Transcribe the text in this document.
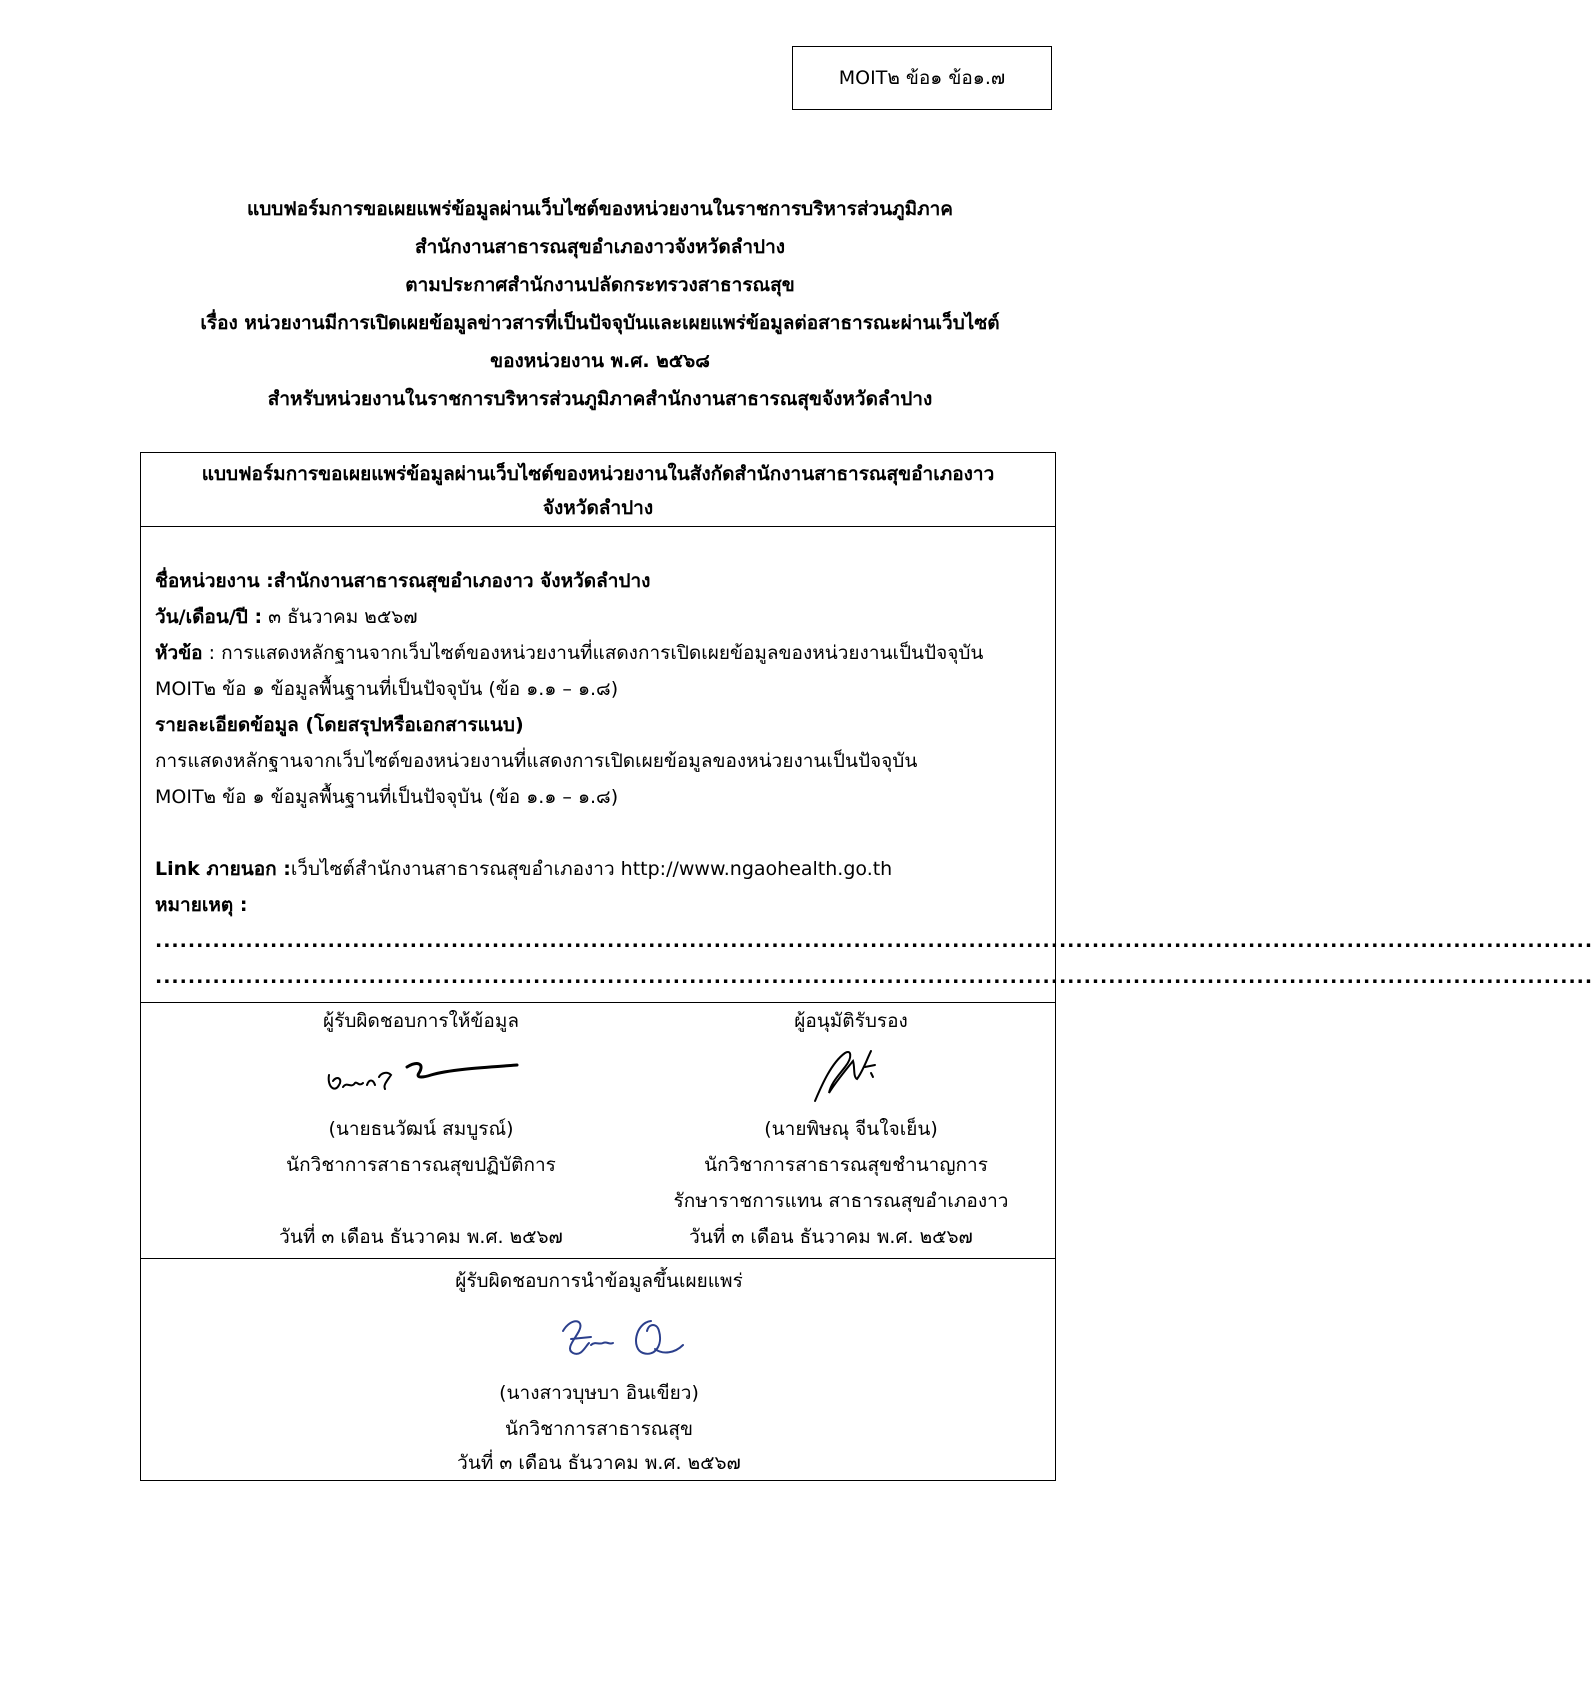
MOIT๒ ข้อ๑ ข้อ๑.๗
แบบฟอร์มการขอเผยแพร่ข้อมูลผ่านเว็บไซต์ของหน่วยงานในราชการบริหารส่วนภูมิภาค
สำนักงานสาธารณสุขอำเภองาวจังหวัดลำปาง
ตามประกาศสำนักงานปลัดกระทรวงสาธารณสุข
เรื่อง หน่วยงานมีการเปิดเผยข้อมูลข่าวสารที่เป็นปัจจุบันและเผยแพร่ข้อมูลต่อสาธารณะผ่านเว็บไซต์
ของหน่วยงาน พ.ศ. ๒๕๖๘
สำหรับหน่วยงานในราชการบริหารส่วนภูมิภาคสำนักงานสาธารณสุขจังหวัดลำปาง
แบบฟอร์มการขอเผยแพร่ข้อมูลผ่านเว็บไซต์ของหน่วยงานในสังกัดสำนักงานสาธารณสุขอำเภองาว
จังหวัดลำปาง
ชื่อหน่วยงาน :สำนักงานสาธารณสุขอำเภองาว จังหวัดลำปาง
วัน/เดือน/ปี : ๓ ธันวาคม ๒๕๖๗
หัวข้อ : การแสดงหลักฐานจากเว็บไซต์ของหน่วยงานที่แสดงการเปิดเผยข้อมูลของหน่วยงานเป็นปัจจุบัน
MOIT๒ ข้อ ๑ ข้อมูลพื้นฐานที่เป็นปัจจุบัน (ข้อ ๑.๑ – ๑.๘)
รายละเอียดข้อมูล (โดยสรุปหรือเอกสารแนบ)
การแสดงหลักฐานจากเว็บไซต์ของหน่วยงานที่แสดงการเปิดเผยข้อมูลของหน่วยงานเป็นปัจจุบัน
MOIT๒ ข้อ ๑ ข้อมูลพื้นฐานที่เป็นปัจจุบัน (ข้อ ๑.๑ – ๑.๘)
Link ภายนอก :เว็บไซต์สำนักงานสาธารณสุขอำเภองาว http://www.ngaohealth.go.th
หมายเหตุ :
...............................................................................................................................................................................
...............................................................................................................................................................................
ผู้รับผิดชอบการให้ข้อมูล
(นายธนวัฒน์ สมบูรณ์)
นักวิชาการสาธารณสุขปฏิบัติการ
วันที่ ๓ เดือน ธันวาคม พ.ศ. ๒๕๖๗
ผู้อนุมัติรับรอง
(นายพิษณุ จีนใจเย็น)
นักวิชาการสาธารณสุขชำนาญการ
รักษาราชการแทน สาธารณสุขอำเภองาว
วันที่ ๓ เดือน ธันวาคม พ.ศ. ๒๕๖๗
ผู้รับผิดชอบการนำข้อมูลขึ้นเผยแพร่
(นางสาวบุษบา อินเขียว)
นักวิชาการสาธารณสุข
วันที่ ๓ เดือน ธันวาคม พ.ศ. ๒๕๖๗
